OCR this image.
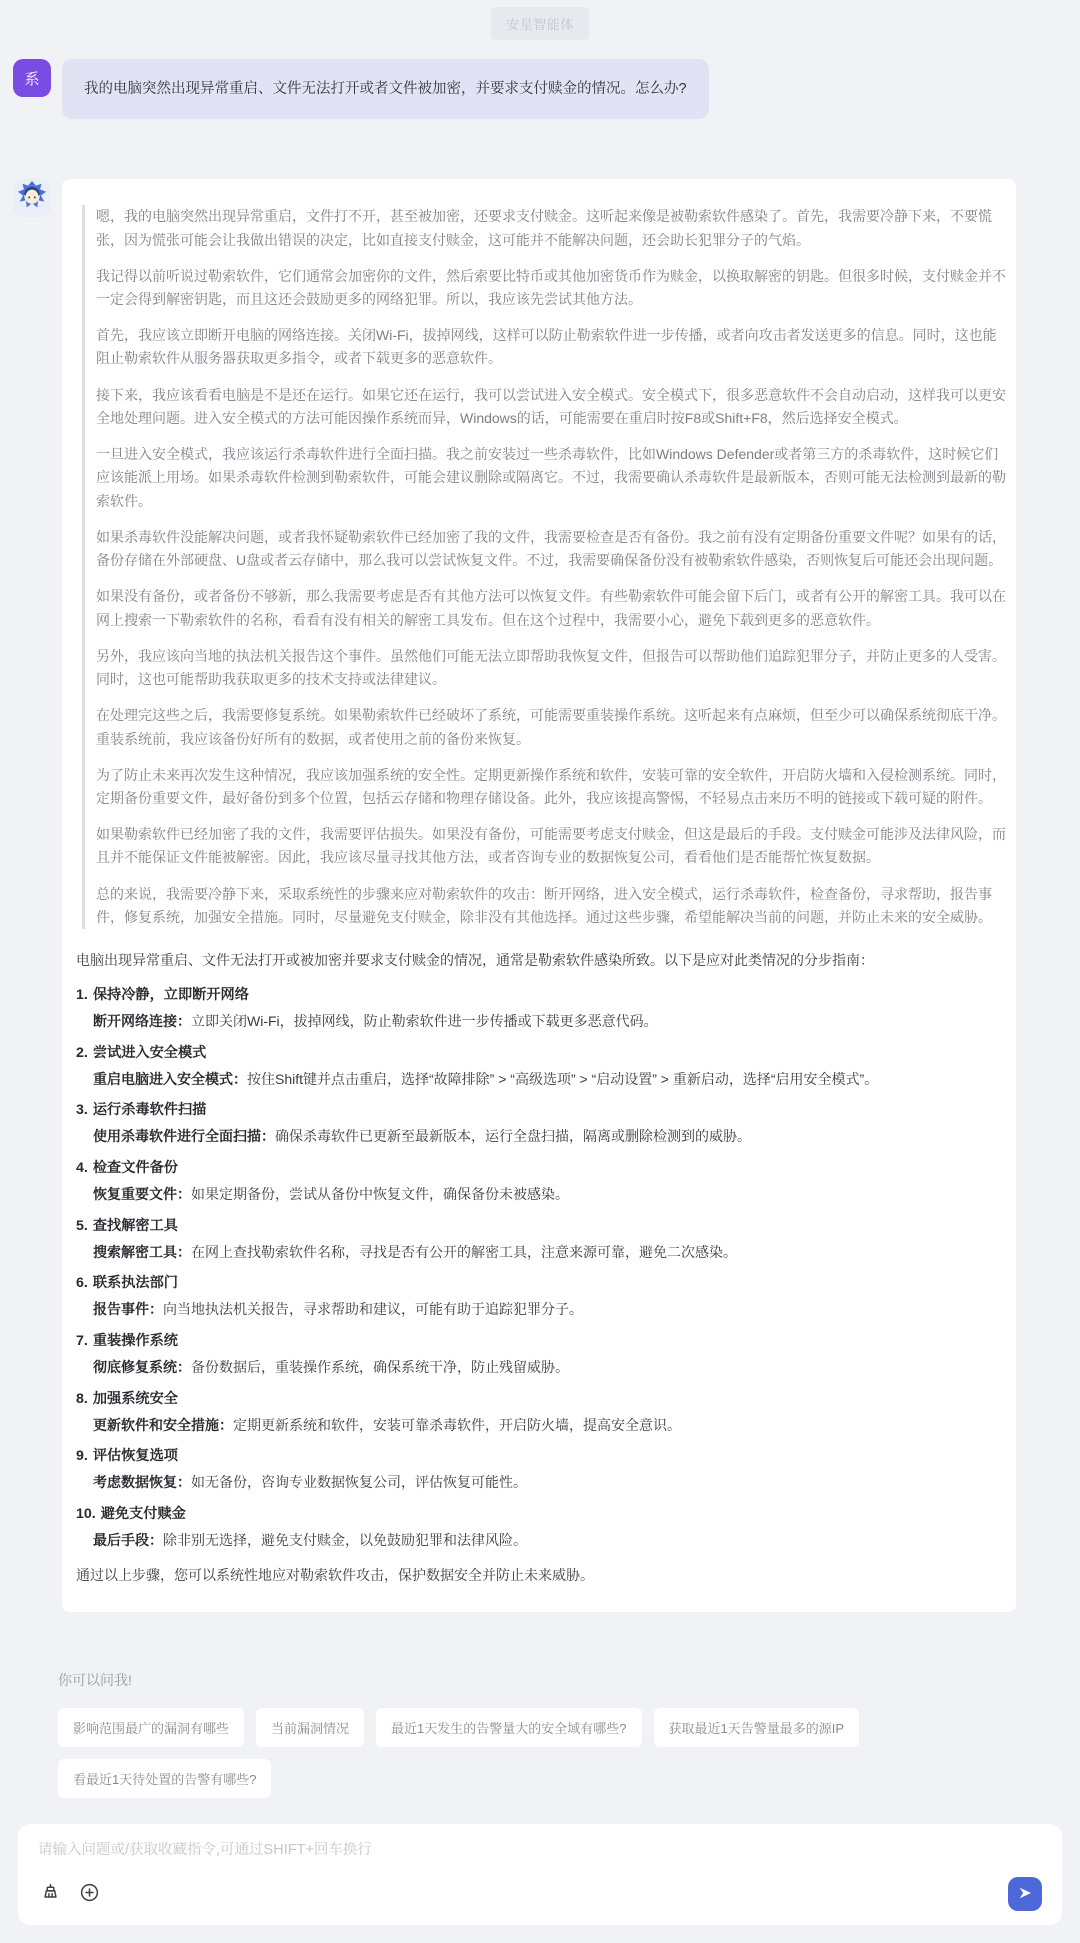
安星智能体
系
我的电脑突然出现异常重启、文件无法打开或者文件被加密，并要求支付赎金的情况。怎么办?

嗯，我的电脑突然出现异常重启，文件打不开，甚至被加密，还要求支付赎金。这听起来像是被勒索软件感染了。首先，我需要冷静下来，不要慌张，因为慌张可能会让我做出错误的决定，比如直接支付赎金，这可能并不能解决问题，还会助长犯罪分子的气焰。

我记得以前听说过勒索软件，它们通常会加密你的文件，然后索要比特币或其他加密货币作为赎金，以换取解密的钥匙。但很多时候，支付赎金并不一定会得到解密钥匙，而且这还会鼓励更多的网络犯罪。所以，我应该先尝试其他方法。

首先，我应该立即断开电脑的网络连接。关闭Wi-Fi，拔掉网线，这样可以防止勒索软件进一步传播，或者向攻击者发送更多的信息。同时，这也能阻止勒索软件从服务器获取更多指令，或者下载更多的恶意软件。

接下来，我应该看看电脑是不是还在运行。如果它还在运行，我可以尝试进入安全模式。安全模式下，很多恶意软件不会自动启动，这样我可以更安全地处理问题。进入安全模式的方法可能因操作系统而异，Windows的话，可能需要在重启时按F8或Shift+F8，然后选择安全模式。

一旦进入安全模式，我应该运行杀毒软件进行全面扫描。我之前安装过一些杀毒软件，比如Windows Defender或者第三方的杀毒软件，这时候它们应该能派上用场。如果杀毒软件检测到勒索软件，可能会建议删除或隔离它。不过，我需要确认杀毒软件是最新版本，否则可能无法检测到最新的勒索软件。

如果杀毒软件没能解决问题，或者我怀疑勒索软件已经加密了我的文件，我需要检查是否有备份。我之前有没有定期备份重要文件呢？如果有的话，备份存储在外部硬盘、U盘或者云存储中，那么我可以尝试恢复文件。不过，我需要确保备份没有被勒索软件感染，否则恢复后可能还会出现问题。

如果没有备份，或者备份不够新，那么我需要考虑是否有其他方法可以恢复文件。有些勒索软件可能会留下后门，或者有公开的解密工具。我可以在网上搜索一下勒索软件的名称，看看有没有相关的解密工具发布。但在这个过程中，我需要小心，避免下载到更多的恶意软件。

另外，我应该向当地的执法机关报告这个事件。虽然他们可能无法立即帮助我恢复文件，但报告可以帮助他们追踪犯罪分子，并防止更多的人受害。同时，这也可能帮助我获取更多的技术支持或法律建议。

在处理完这些之后，我需要修复系统。如果勒索软件已经破坏了系统，可能需要重装操作系统。这听起来有点麻烦，但至少可以确保系统彻底干净。重装系统前，我应该备份好所有的数据，或者使用之前的备份来恢复。

为了防止未来再次发生这种情况，我应该加强系统的安全性。定期更新操作系统和软件，安装可靠的安全软件，开启防火墙和入侵检测系统。同时，定期备份重要文件，最好备份到多个位置，包括云存储和物理存储设备。此外，我应该提高警惕，不轻易点击来历不明的链接或下载可疑的附件。

如果勒索软件已经加密了我的文件，我需要评估损失。如果没有备份，可能需要考虑支付赎金，但这是最后的手段。支付赎金可能涉及法律风险，而且并不能保证文件能被解密。因此，我应该尽量寻找其他方法，或者咨询专业的数据恢复公司，看看他们是否能帮忙恢复数据。

总的来说，我需要冷静下来，采取系统性的步骤来应对勒索软件的攻击：断开网络，进入安全模式，运行杀毒软件，检查备份，寻求帮助，报告事件，修复系统，加强安全措施。同时，尽量避免支付赎金，除非没有其他选择。通过这些步骤，希望能解决当前的问题，并防止未来的安全威胁。

电脑出现异常重启、文件无法打开或被加密并要求支付赎金的情况，通常是勒索软件感染所致。以下是应对此类情况的分步指南：

1. 保持冷静，立即断开网络
断开网络连接：立即关闭Wi-Fi，拔掉网线，防止勒索软件进一步传播或下载更多恶意代码。
2. 尝试进入安全模式
重启电脑进入安全模式：按住Shift键并点击重启，选择“故障排除” > “高级选项” > “启动设置” > 重新启动，选择“启用安全模式”。
3. 运行杀毒软件扫描
使用杀毒软件进行全面扫描：确保杀毒软件已更新至最新版本，运行全盘扫描，隔离或删除检测到的威胁。
4. 检查文件备份
恢复重要文件：如果定期备份，尝试从备份中恢复文件，确保备份未被感染。
5. 查找解密工具
搜索解密工具：在网上查找勒索软件名称，寻找是否有公开的解密工具，注意来源可靠，避免二次感染。
6. 联系执法部门
报告事件：向当地执法机关报告，寻求帮助和建议，可能有助于追踪犯罪分子。
7. 重装操作系统
彻底修复系统：备份数据后，重装操作系统，确保系统干净，防止残留威胁。
8. 加强系统安全
更新软件和安全措施：定期更新系统和软件，安装可靠杀毒软件，开启防火墙，提高安全意识。
9. 评估恢复选项
考虑数据恢复：如无备份，咨询专业数据恢复公司，评估恢复可能性。
10. 避免支付赎金
最后手段：除非别无选择，避免支付赎金，以免鼓励犯罪和法律风险。

通过以上步骤，您可以系统性地应对勒索软件攻击，保护数据安全并防止未来威胁。

你可以问我!
影响范围最广的漏洞有哪些	当前漏洞情况	最近1天发生的告警量大的安全域有哪些?	获取最近1天告警量最多的源IP
看最近1天待处置的告警有哪些?
请输入问题或/获取收藏指令,可通过SHIFT+回车换行
